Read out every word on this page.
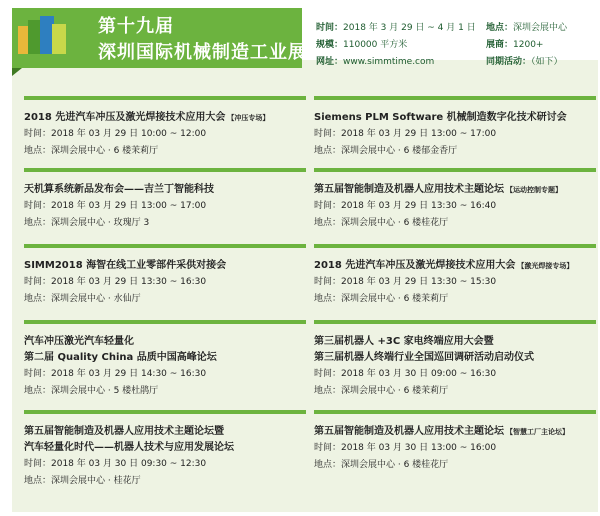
第十九届
深圳国际机械制造工业展
时间：2018 年 3 月 29 日 ~ 4 月 1 日 地点：深圳会展中心
规模：110000 平方米	展商：1200+
网址：www.simmtime.com	同期活动：（如下）
2018 先进汽车冲压及激光焊接技术应用大会 【冲压专场】
时间：2018 年 03 月 29 日 10:00 ~ 12:00
地点：深圳会展中心 · 6 楼茉莉厅
天机算系统新品发布会——吉兰丁智能科技
时间：2018 年 03 月 29 日 13:00 ~ 17:00
地点：深圳会展中心 · 玫瑰厅 3
SIMM2018 海智在线工业零部件采供对接会
时间：2018 年 03 月 29 日 13:30 ~ 16:30
地点：深圳会展中心 · 水仙厅
汽车冲压激光汽车轻量化
第二届 Quality China 品质中国高峰论坛
时间：2018 年 03 月 29 日 14:30 ~ 16:30
地点：深圳会展中心 · 5 楼杜鹃厅
第五届智能制造及机器人应用技术主题论坛暨
汽车轻量化时代——机器人技术与应用发展论坛
时间：2018 年 03 月 30 日 09:30 ~ 12:30
地点：深圳会展中心 · 桂花厅
Siemens PLM Software 机械制造数字化技术研讨会
时间：2018 年 03 月 29 日 13:00 ~ 17:00
地点：深圳会展中心 · 6 楼郁金香厅
第五届智能制造及机器人应用技术主题论坛 【运动控制专题】
时间：2018 年 03 月 29 日 13:30 ~ 16:40
地点：深圳会展中心 · 6 楼桂花厅
2018 先进汽车冲压及激光焊接技术应用大会 【激光焊接专场】
时间：2018 年 03 月 29 日 13:30 ~ 15:30
地点：深圳会展中心 · 6 楼茉莉厅
第三届机器人 +3C 家电终端应用大会暨
第三届机器人终端行业全国巡回调研活动启动仪式
时间：2018 年 03 月 30 日 09:00 ~ 16:30
地点：深圳会展中心 · 6 楼茉莉厅
第五届智能制造及机器人应用技术主题论坛 【智慧工厂主论坛】
时间：2018 年 03 月 30 日 13:00 ~ 16:00
地点：深圳会展中心 · 6 楼桂花厅
